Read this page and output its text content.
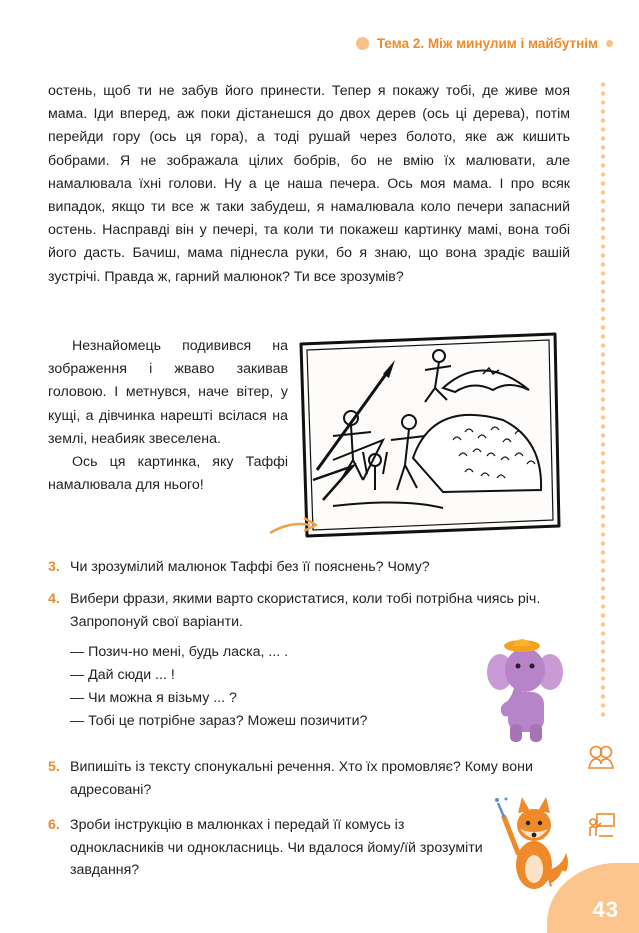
Тема 2. Між минулим і майбутнім

остень, щоб ти не забув його принести. Тепер я покажу тобі, де живе моя мама. Іди вперед, аж поки дістанешся до двох дерев (ось ці дерева), потім перейди гору (ось ця гора), а тоді рушай через болото, яке аж кишить бобрами. Я не зображала цілих бобрів, бо не вмію їх малювати, але намалювала їхні голови. Ну а це наша печера. Ось моя мама. І про всяк випадок, якщо ти все ж таки забудеш, я намалювала коло печери запасний остень. Насправді він у печері, та коли ти покажеш картинку мамі, вона тобі його дасть. Бачиш, мама піднесла руки, бо я знаю, що вона зрадіє вашій зустрічі. Правда ж, гарний малюнок? Ти все зрозумів?

Незнайомець подивився на зображення і жваво закивав головою. І метнувся, наче вітер, у кущі, а дівчинка нарешті всілася на землі, неабияк звеселена.

Ось ця картинка, яку Таффі намалювала для нього!

3. Чи зрозумілий малюнок Таффі без її пояснень? Чому?
4. Вибери фрази, якими варто скористатися, коли тобі потрібна чиясь річ. Запропонуй свої варіанти.
— Позич-но мені, будь ласка, ... .
— Дай сюди ... !
— Чи можна я візьму ... ?
— Тобі це потрібне зараз? Можеш позичити?
5. Випишіть із тексту спонукальні речення. Хто їх промовляє? Кому вони адресовані?
6. Зроби інструкцію в малюнках і передай її комусь із однокласників чи однокласниць. Чи вдалося йому/їй зрозуміти завдання?
43
